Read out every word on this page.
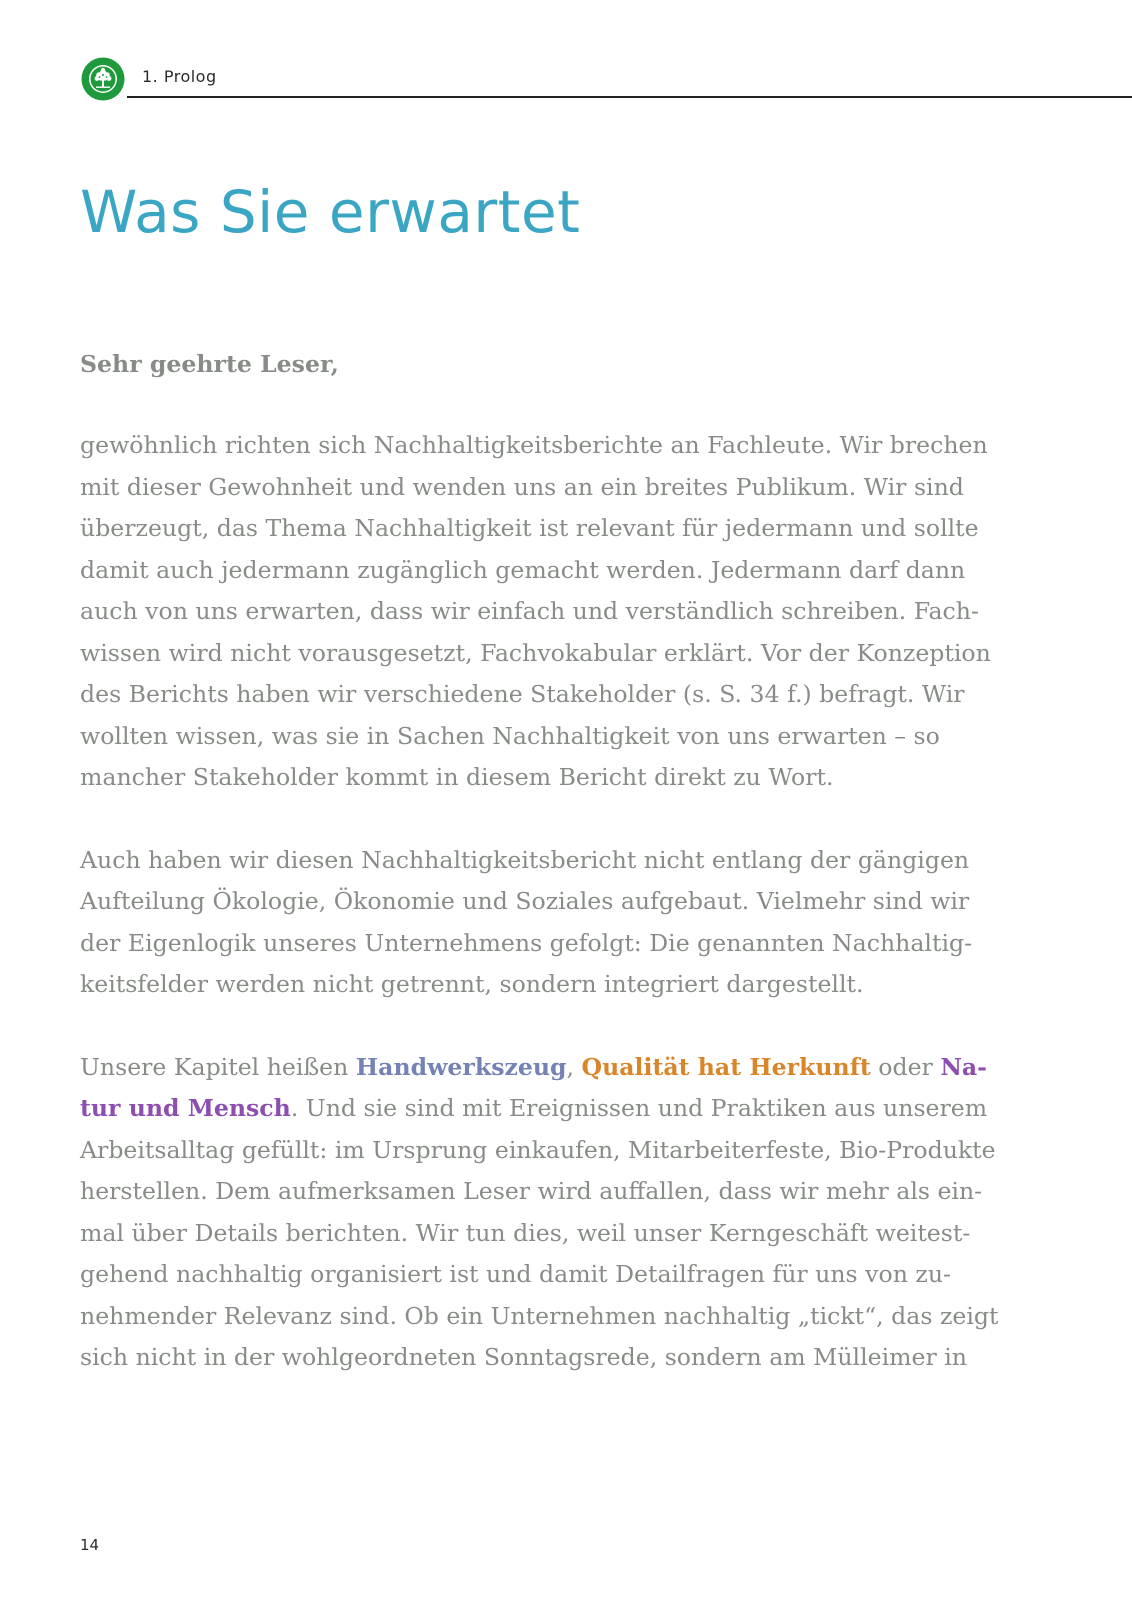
1. Prolog
Was Sie erwartet
Sehr geehrte Leser,
gewöhnlich richten sich Nachhaltigkeitsberichte an Fachleute. Wir brechen
mit dieser Gewohnheit und wenden uns an ein breites Publikum. Wir sind
überzeugt, das Thema Nachhaltigkeit ist relevant für jedermann und sollte
damit auch jedermann zugänglich gemacht werden. Jedermann darf dann
auch von uns erwarten, dass wir einfach und verständlich schreiben. Fach-
wissen wird nicht vorausgesetzt, Fachvokabular erklärt. Vor der Konzeption
des Berichts haben wir verschiedene Stakeholder (s. S. 34 f.) befragt. Wir
wollten wissen, was sie in Sachen Nachhaltigkeit von uns erwarten – so
mancher Stakeholder kommt in diesem Bericht direkt zu Wort.
Auch haben wir diesen Nachhaltigkeitsbericht nicht entlang der gängigen
Aufteilung Ökologie, Ökonomie und Soziales aufgebaut. Vielmehr sind wir
der Eigenlogik unseres Unternehmens gefolgt: Die genannten Nachhaltig-
keitsfelder werden nicht getrennt, sondern integriert dargestellt.
Unsere Kapitel heißen Handwerkszeug, Qualität hat Herkunft oder Na-
tur und Mensch. Und sie sind mit Ereignissen und Praktiken aus unserem
Arbeitsalltag gefüllt: im Ursprung einkaufen, Mitarbeiterfeste, Bio-Produkte
herstellen. Dem aufmerksamen Leser wird auffallen, dass wir mehr als ein-
mal über Details berichten. Wir tun dies, weil unser Kerngeschäft weitest-
gehend nachhaltig organisiert ist und damit Detailfragen für uns von zu-
nehmender Relevanz sind. Ob ein Unternehmen nachhaltig „tickt“, das zeigt
sich nicht in der wohlgeordneten Sonntagsrede, sondern am Mülleimer in
14
